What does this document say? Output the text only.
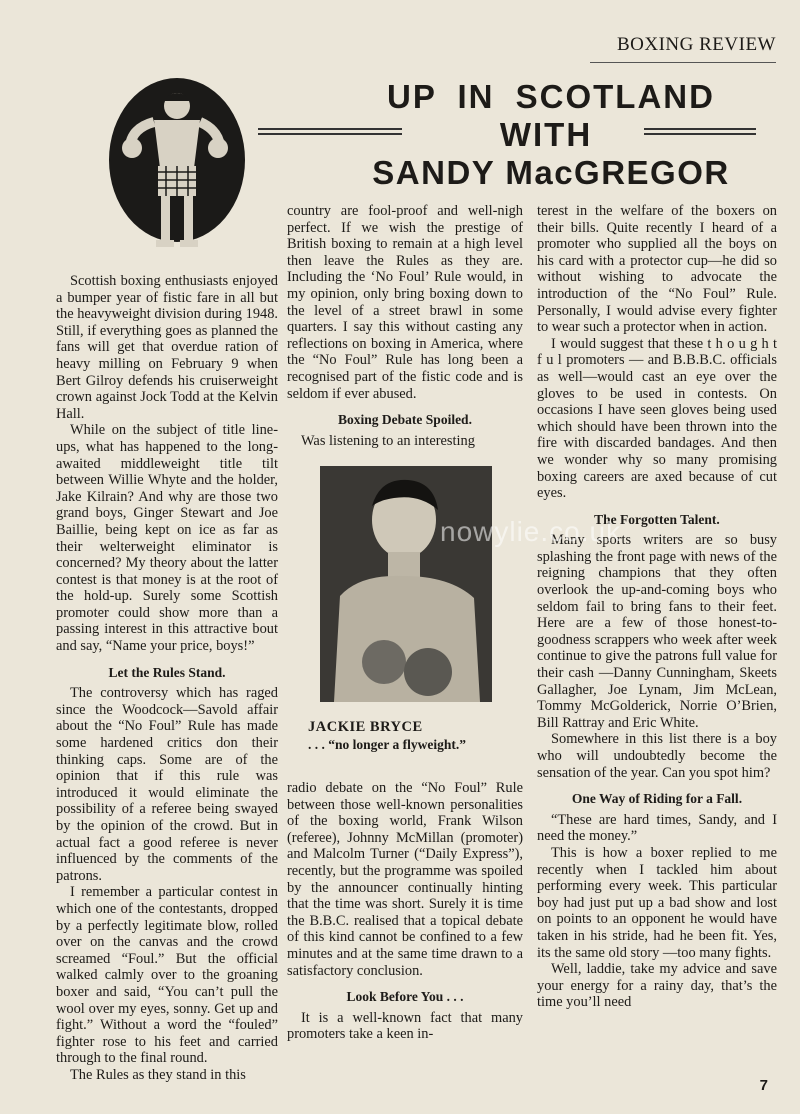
BOXING REVIEW
UP IN SCOTLAND
WITH
SANDY MacGREGOR

Scottish boxing enthusiasts enjoyed a bumper year of fistic fare in all but the heavyweight division during 1948. Still, if everything goes as planned the fans will get that overdue ration of heavy milling on February 9 when Bert Gilroy defends his cruiserweight crown against Jock Todd at the Kelvin Hall.

While on the subject of title line-ups, what has happened to the long-awaited middleweight title tilt between Willie Whyte and the holder, Jake Kilrain? And why are those two grand boys, Ginger Stewart and Joe Baillie, being kept on ice as far as their welterweight eliminator is concerned? My theory about the latter contest is that money is at the root of the hold-up. Surely some Scottish promoter could show more than a passing interest in this attractive bout and say, “Name your price, boys!”

Let the Rules Stand.

The controversy which has raged since the Woodcock—Savold affair about the “No Foul” Rule has made some hardened critics don their thinking caps. Some are of the opinion that if this rule was introduced it would eliminate the possibility of a referee being swayed by the opinion of the crowd. But in actual fact a good referee is never influenced by the comments of the patrons.

I remember a particular contest in which one of the contestants, dropped by a perfectly legitimate blow, rolled over on the canvas and the crowd screamed “Foul.” But the official walked calmly over to the groaning boxer and said, “You can’t pull the wool over my eyes, sonny. Get up and fight.” Without a word the “fouled” fighter rose to his feet and carried through to the final round.

The Rules as they stand in this

country are fool-proof and well-nigh perfect. If we wish the prestige of British boxing to remain at a high level then leave the Rules as they are. Including the ‘No Foul’ Rule would, in my opinion, only bring boxing down to the level of a street brawl in some quarters. I say this without casting any reflections on boxing in America, where the “No Foul” Rule has long been a recognised part of the fistic code and is seldom if ever abused.

Boxing Debate Spoiled.

Was listening to an interesting

JACKIE BRYCE
. . . “no longer a flyweight.”

radio debate on the “No Foul” Rule between those well-known personalities of the boxing world, Frank Wilson (referee), Johnny McMillan (promoter) and Malcolm Turner (“Daily Express”), recently, but the programme was spoiled by the announcer continually hinting that the time was short. Surely it is time the B.B.C. realised that a topical debate of this kind cannot be confined to a few minutes and at the same time drawn to a satisfactory conclusion.

Look Before You . . .

It is a well-known fact that many promoters take a keen in-

terest in the welfare of the boxers on their bills. Quite recently I heard of a promoter who supplied all the boys on his card with a protector cup—he did so without wishing to advocate the introduction of the “No Foul” Rule. Personally, I would advise every fighter to wear such a protector when in action.

I would suggest that these t h o u g h t f u l promoters — and B.B.B.C. officials as well—would cast an eye over the gloves to be used in contests. On occasions I have seen gloves being used which should have been thrown into the fire with discarded bandages. And then we wonder why so many promising boxing careers are axed because of cut eyes.

The Forgotten Talent.

Many sports writers are so busy splashing the front page with news of the reigning champions that they often overlook the up-and-coming boys who seldom fail to bring fans to their feet. Here are a few of those honest-to-goodness scrappers who week after week continue to give the patrons full value for their cash —Danny Cunningham, Skeets Gallagher, Joe Lynam, Jim McLean, Tommy McGolderick, Norrie O’Brien, Bill Rattray and Eric White.

Somewhere in this list there is a boy who will undoubtedly become the sensation of the year. Can you spot him?

One Way of Riding for a Fall.

“These are hard times, Sandy, and I need the money.”

This is how a boxer replied to me recently when I tackled him about performing every week. This particular boy had just put up a bad show and lost on points to an opponent he would have taken in his stride, had he been fit. Yes, its the same old story —too many fights.

Well, laddie, take my advice and save your energy for a rainy day, that’s the time you’ll need

nowylie.co.uk
7
